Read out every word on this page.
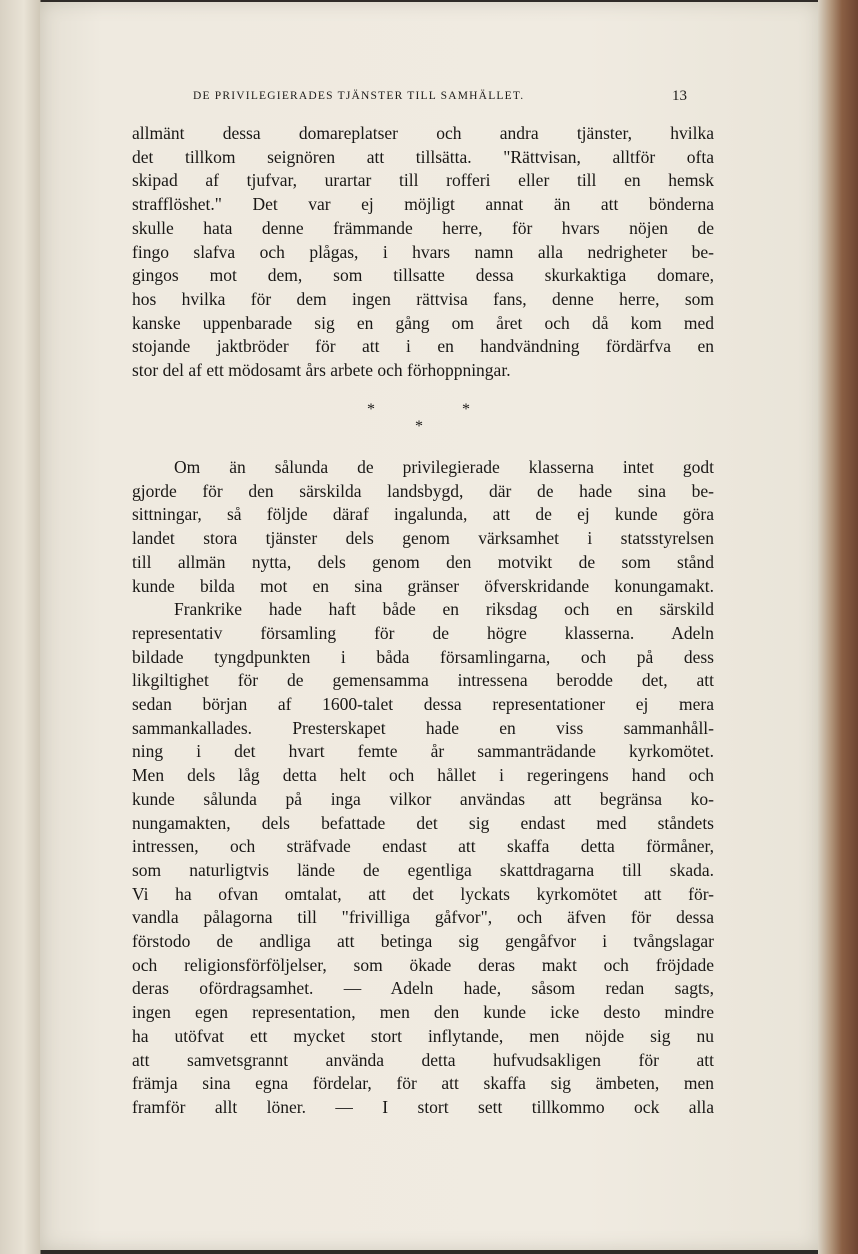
DE PRIVILEGIERADES TJÄNSTER TILL SAMHÄLLET.	13
allmänt dessa domareplatser och andra tjänster, hvilka
det tillkom seignören att tillsätta. "Rättvisan, alltför ofta
skipad af tjufvar, urartar till rofferi eller till en hemsk
strafflöshet." Det var ej möjligt annat än att bönderna
skulle hata denne främmande herre, för hvars nöjen de
fingo slafva och plågas, i hvars namn alla nedrigheter be-
gingos mot dem, som tillsatte dessa skurkaktiga domare,
hos hvilka för dem ingen rättvisa fans, denne herre, som
kanske uppenbarade sig en gång om året och då kom med
stojande jaktbröder för att i en handvändning fördärfva en
stor del af ett mödosamt års arbete och förhoppningar.
*	*
*
Om än sålunda de privilegierade klasserna intet godt
gjorde för den särskilda landsbygd, där de hade sina be-
sittningar, så följde däraf ingalunda, att de ej kunde göra
landet stora tjänster dels genom värksamhet i statsstyrelsen
till allmän nytta, dels genom den motvikt de som stånd
kunde bilda mot en sina gränser öfverskridande konungamakt.
Frankrike hade haft både en riksdag och en särskild
representativ församling för de högre klasserna. Adeln
bildade tyngdpunkten i båda församlingarna, och på dess
likgiltighet för de gemensamma intressena berodde det, att
sedan början af 1600-talet dessa representationer ej mera
sammankallades. Presterskapet hade en viss sammanhåll-
ning i det hvart femte år sammanträdande kyrkomötet.
Men dels låg detta helt och hållet i regeringens hand och
kunde sålunda på inga vilkor användas att begränsa ko-
nungamakten, dels befattade det sig endast med ståndets
intressen, och sträfvade endast att skaffa detta förmåner,
som naturligtvis lände de egentliga skattdragarna till skada.
Vi ha ofvan omtalat, att det lyckats kyrkomötet att för-
vandla pålagorna till "frivilliga gåfvor", och äfven för dessa
förstodo de andliga att betinga sig gengåfvor i tvångslagar
och religionsförföljelser, som ökade deras makt och fröjdade
deras ofördragsamhet. — Adeln hade, såsom redan sagts,
ingen egen representation, men den kunde icke desto mindre
ha utöfvat ett mycket stort inflytande, men nöjde sig nu
att samvetsgrannt använda detta hufvudsakligen för att
främja sina egna fördelar, för att skaffa sig ämbeten, men
framför allt löner. — I stort sett tillkommo ock alla
